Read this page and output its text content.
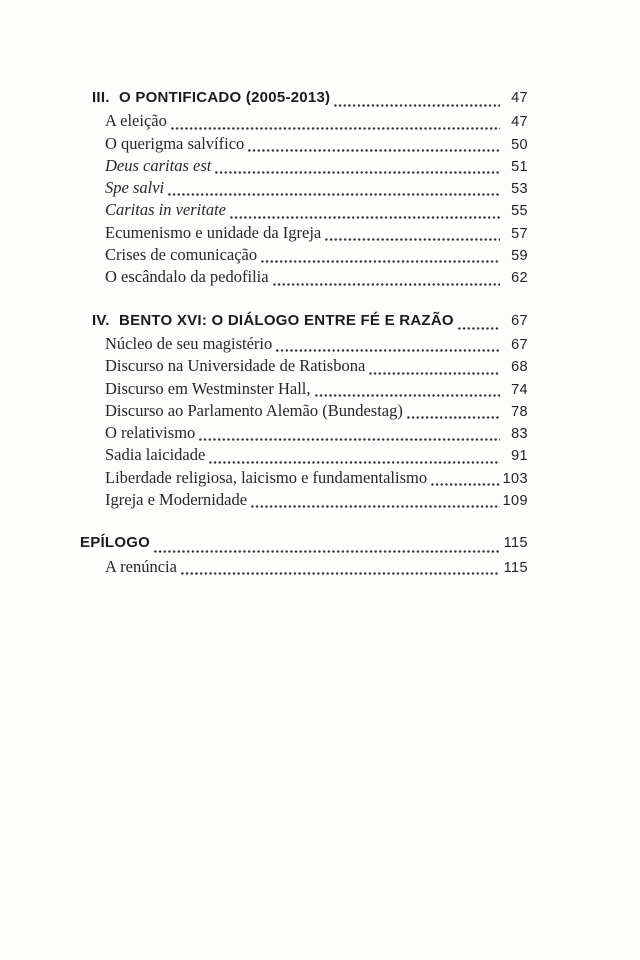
III. O PONTIFICADO (2005-2013)	47
A eleição	47
O querigma salvífico	50
Deus caritas est	51
Spe salvi	53
Caritas in veritate	55
Ecumenismo e unidade da Igreja	57
Crises de comunicação	59
O escândalo da pedofilia	62
IV. BENTO XVI: O DIÁLOGO ENTRE FÉ E RAZÃO	67
Núcleo de seu magistério	67
Discurso na Universidade de Ratisbona	68
Discurso em Westminster Hall,	74
Discurso ao Parlamento Alemão (Bundestag)	78
O relativismo	83
Sadia laicidade	91
Liberdade religiosa, laicismo e fundamentalismo	103
Igreja e Modernidade	109
EPÍLOGO	115
A renúncia	115
